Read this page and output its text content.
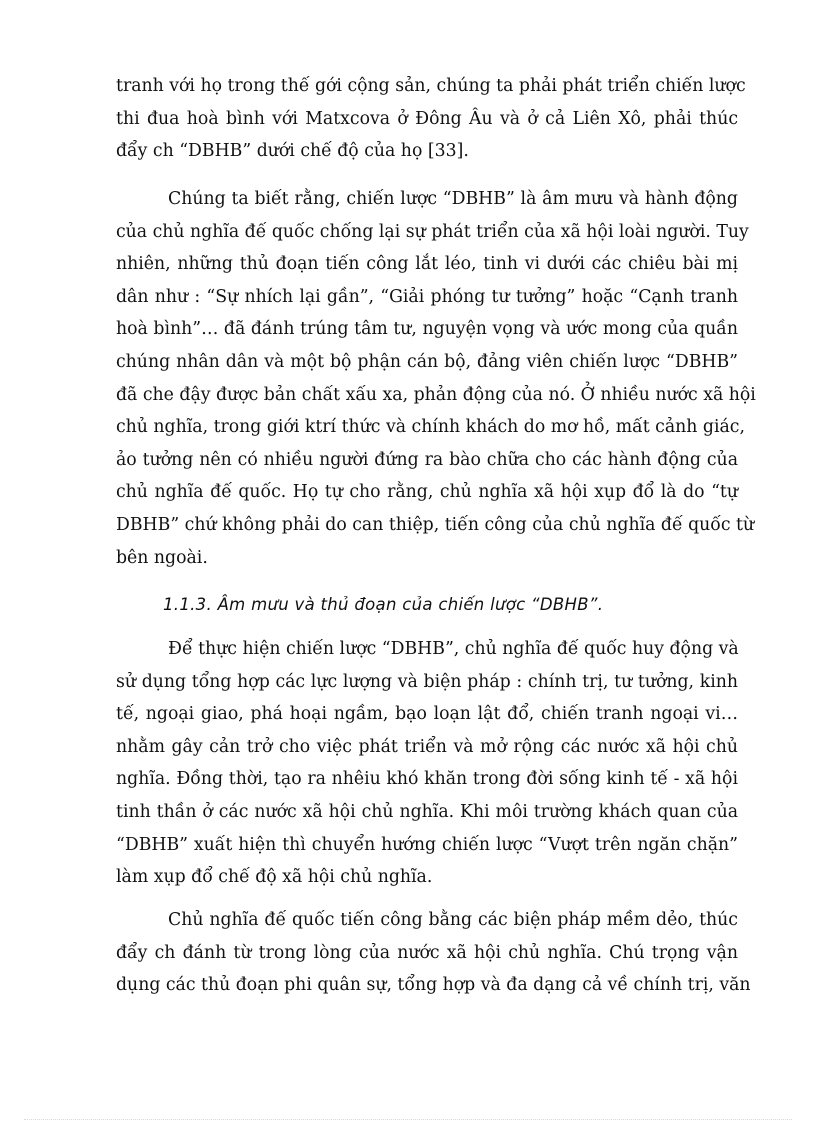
tranh với họ trong thế gới cộng sản, chúng ta phải phát triển chiến lược
thi đua hoà bình với Matxcova ở Đông Âu và ở cả Liên Xô, phải thúc
đẩy ch “DBHB” dưới chế độ của họ [33].
Chúng ta biết rằng, chiến lược “DBHB” là âm mưu và hành động
của chủ nghĩa đế quốc chống lại sự phát triển của xã hội loài người. Tuy
nhiên, những thủ đoạn tiến công lắt léo, tinh vi dưới các chiêu bài mị
dân như : “Sự nhích lại gần”, “Giải phóng tư tưởng” hoặc “Cạnh tranh
hoà bình”… đã đánh trúng tâm tư, nguyện vọng và ước mong của quần
chúng nhân dân và một bộ phận cán bộ, đảng viên chiến lược “DBHB”
đã che đậy được bản chất xấu xa, phản động của nó. Ở nhiều nước xã hội
chủ nghĩa, trong giới ktrí thức và chính khách do mơ hồ, mất cảnh giác,
ảo tưởng nên có nhiều người đứng ra bào chữa cho các hành động của
chủ nghĩa đế quốc. Họ tự cho rằng, chủ nghĩa xã hội xụp đổ là do “tự
DBHB” chứ không phải do can thiệp, tiến công của chủ nghĩa đế quốc từ
bên ngoài.
1.1.3. Âm mưu và thủ đoạn của chiến lược “DBHB”.
Để thực hiện chiến lược “DBHB”, chủ nghĩa đế quốc huy động và
sử dụng tổng hợp các lực lượng và biện pháp : chính trị, tư tưởng, kinh
tế, ngoại giao, phá hoại ngầm, bạo loạn lật đổ, chiến tranh ngoại vi…
nhằm gây cản trở cho việc phát triển và mở rộng các nước xã hội chủ
nghĩa. Đồng thời, tạo ra nhêiu khó khăn trong đời sống kinh tế - xã hội
tinh thần ở các nước xã hội chủ nghĩa. Khi môi trường khách quan của
“DBHB” xuất hiện thì chuyển hướng chiến lược “Vượt trên ngăn chặn”
làm xụp đổ chế độ xã hội chủ nghĩa.
Chủ nghĩa đế quốc tiến công bằng các biện pháp mềm dẻo, thúc
đẩy ch đánh từ trong lòng của nước xã hội chủ nghĩa. Chú trọng vận
dụng các thủ đoạn phi quân sự, tổng hợp và đa dạng cả về chính trị, văn
